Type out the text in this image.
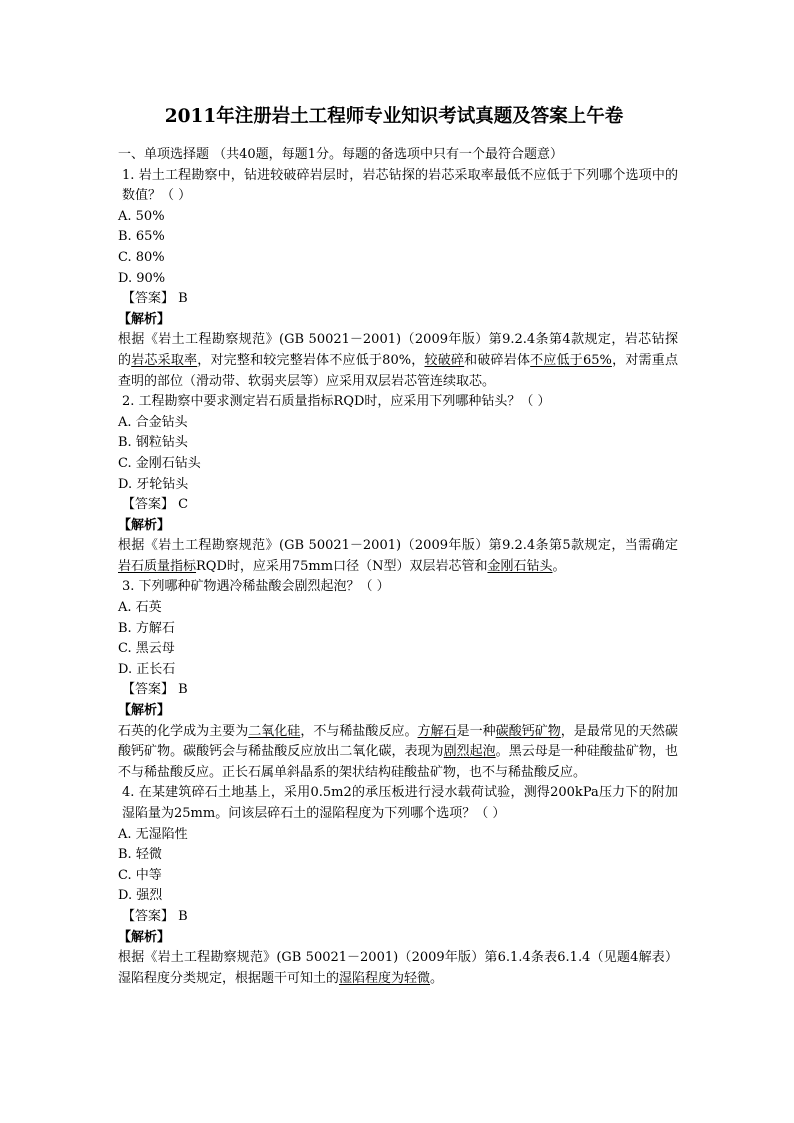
2011年注册岩土工程师专业知识考试真题及答案上午卷
一、单项选择题 （共40题，每题1分。每题的备选项中只有一个最符合题意）
1. 岩土工程勘察中，钻进较破碎岩层时，岩芯钻探的岩芯采取率最低不应低于下列哪个选项中的数值？（ ）
A. 50%
B. 65%
C. 80%
D. 90%
【答案】 B
【解析】
根据《岩土工程勘察规范》(GB 50021－2001)（2009年版）第9.2.4条第4款规定，岩芯钻探的岩芯采取率，对完整和较完整岩体不应低于80%，较破碎和破碎岩体不应低于65%，对需重点查明的部位（滑动带、软弱夹层等）应采用双层岩芯管连续取芯。
2. 工程勘察中要求测定岩石质量指标RQD时，应采用下列哪种钻头？（ ）
A. 合金钻头
B. 钢粒钻头
C. 金刚石钻头
D. 牙轮钻头
【答案】 C
【解析】
根据《岩土工程勘察规范》(GB 50021－2001)（2009年版）第9.2.4条第5款规定，当需确定岩石质量指标RQD时，应采用75mm口径（N型）双层岩芯管和金刚石钻头。
3. 下列哪种矿物遇冷稀盐酸会剧烈起泡？（ ）
A. 石英
B. 方解石
C. 黑云母
D. 正长石
【答案】 B
【解析】
石英的化学成为主要为二氧化硅，不与稀盐酸反应。方解石是一种碳酸钙矿物，是最常见的天然碳酸钙矿物。碳酸钙会与稀盐酸反应放出二氧化碳，表现为剧烈起泡。黑云母是一种硅酸盐矿物，也不与稀盐酸反应。正长石属单斜晶系的架状结构硅酸盐矿物，也不与稀盐酸反应。
4. 在某建筑碎石土地基上，采用0.5m2的承压板进行浸水载荷试验，测得200kPa压力下的附加湿陷量为25mm。问该层碎石土的湿陷程度为下列哪个选项？（ ）
A. 无湿陷性
B. 轻微
C. 中等
D. 强烈
【答案】 B
【解析】
根据《岩土工程勘察规范》(GB 50021－2001)（2009年版）第6.1.4条表6.1.4（见题4解表）湿陷程度分类规定，根据题干可知土的湿陷程度为轻微。
